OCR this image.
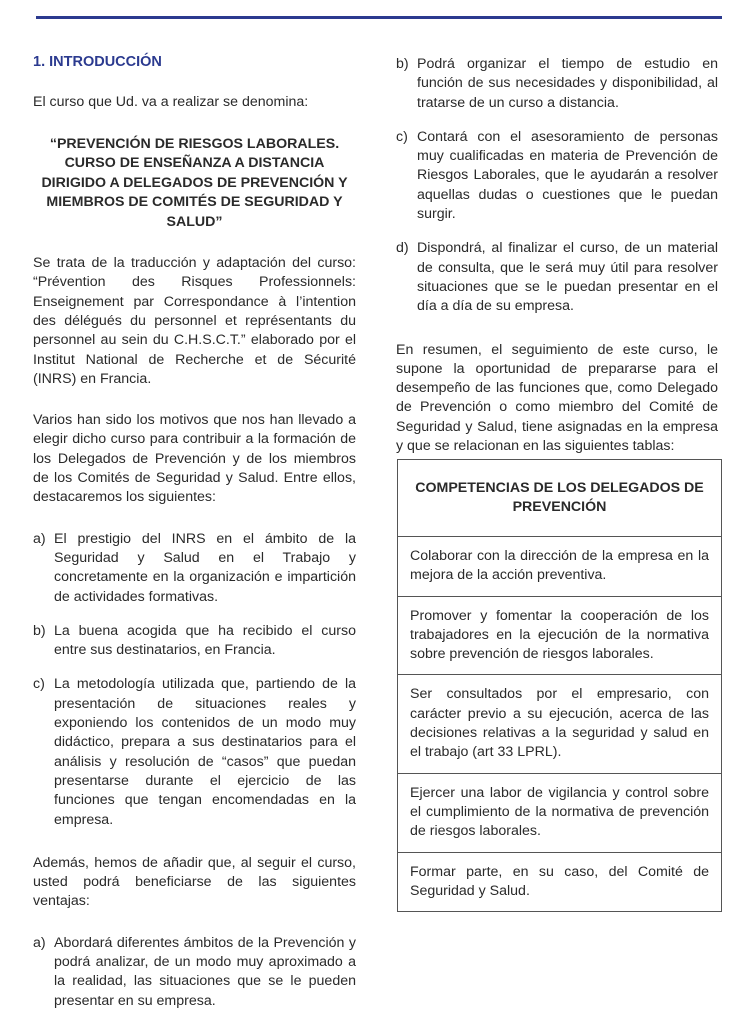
1. INTRODUCCIÓN

El curso que Ud. va a realizar se denomina:

“PREVENCIÓN DE RIESGOS LABORALES. CURSO DE ENSEÑANZA A DISTANCIA DIRIGIDO A DELEGADOS DE PREVENCIÓN Y MIEMBROS DE COMITÉS DE SEGURIDAD Y SALUD”

Se trata de la traducción y adaptación del curso: “Prévention des Risques Professionnels: Enseignement par Correspondance à l’intention des délégués du personnel et représentants du personnel au sein du C.H.S.C.T.” elaborado por el Institut National de Recherche et de Sécurité (INRS) en Francia.

Varios han sido los motivos que nos han llevado a elegir dicho curso para contribuir a la formación de los Delegados de Prevención y de los miembros de los Comités de Seguridad y Salud. Entre ellos, destacaremos los siguientes:

a) El prestigio del INRS en el ámbito de la Seguridad y Salud en el Trabajo y concretamente en la organización e impartición de actividades formativas.
b) La buena acogida que ha recibido el curso entre sus destinatarios, en Francia.
c) La metodología utilizada que, partiendo de la presentación de situaciones reales y exponiendo los contenidos de un modo muy didáctico, prepara a sus destinatarios para el análisis y resolución de “casos” que puedan presentarse durante el ejercicio de las funciones que tengan encomendadas en la empresa.

Además, hemos de añadir que, al seguir el curso, usted podrá beneficiarse de las siguientes ventajas:

a) Abordará diferentes ámbitos de la Prevención y podrá analizar, de un modo muy aproximado a la realidad, las situaciones que se le pueden presentar en su empresa.
b) Podrá organizar el tiempo de estudio en función de sus necesidades y disponibilidad, al tratarse de un curso a distancia.
c) Contará con el asesoramiento de personas muy cualificadas en materia de Prevención de Riesgos Laborales, que le ayudarán a resolver aquellas dudas o cuestiones que le puedan surgir.
d) Dispondrá, al finalizar el curso, de un material de consulta, que le será muy útil para resolver situaciones que se le puedan presentar en el día a día de su empresa.

En resumen, el seguimiento de este curso, le supone la oportunidad de prepararse para el desempeño de las funciones que, como Delegado de Prevención o como miembro del Comité de Seguridad y Salud, tiene asignadas en la empresa y que se relacionan en las siguientes tablas:

COMPETENCIAS DE LOS DELEGADOS DE PREVENCIÓN
Colaborar con la dirección de la empresa en la mejora de la acción preventiva.
Promover y fomentar la cooperación de los trabajadores en la ejecución de la normativa sobre prevención de riesgos laborales.
Ser consultados por el empresario, con carácter previo a su ejecución, acerca de las decisiones relativas a la seguridad y salud en el trabajo (art 33 LPRL).
Ejercer una labor de vigilancia y control sobre el cumplimiento de la normativa de prevención de riesgos laborales.
Formar parte, en su caso, del Comité de Seguridad y Salud.
